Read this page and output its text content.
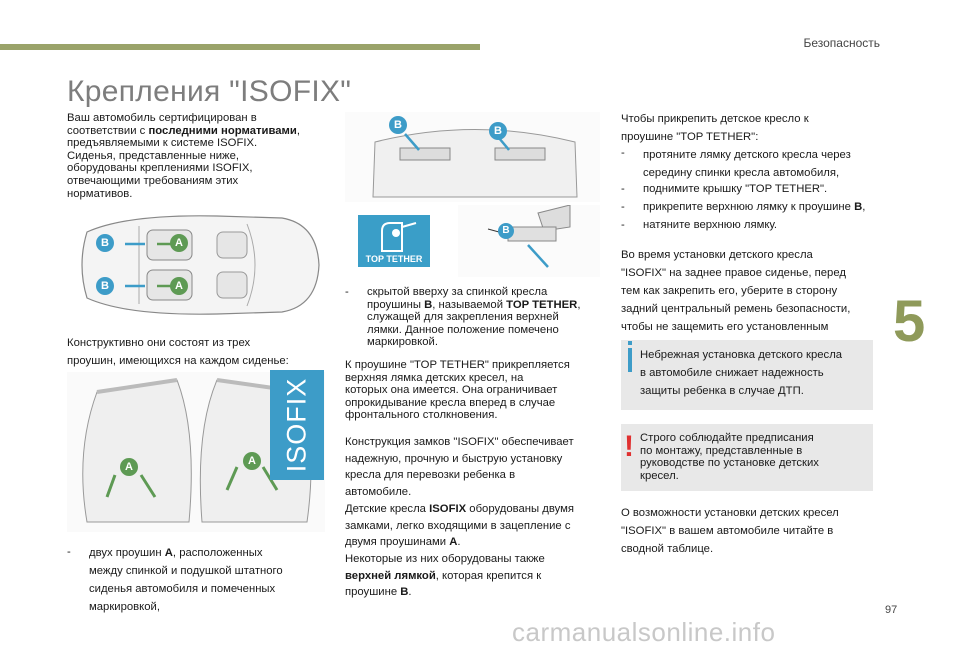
Безопасность
Крепления "ISOFIX"
Ваш автомобиль сертифицирован в
соответствии с последними нормативами,
предъявляемыми к системе ISOFIX.
Сиденья, представленные ниже,
оборудованы креплениями ISOFIX,
отвечающими требованиям этих
нормативов.
B	A
B	A
Конструктивно они состоят из трех
проушин, имеющихся на каждом сиденье:
A	A ISOFIX
- двух проушин A, расположенных
между спинкой и подушкой штатного
сиденья автомобиля и помеченных
маркировкой,
B	B
TOP TETHER
B
- скрытой вверху за спинкой кресла
проушины B, называемой TOP TETHER,
служащей для закрепления верхней
лямки. Данное положение помечено
маркировкой.
К проушине "TOP TETHER" прикрепляется
верхняя лямка детских кресел, на
которых она имеется. Она ограничивает
опрокидывание кресла вперед в случае
фронтального столкновения.
Конструкция замков "ISOFIX" обеспечивает
надежную, прочную и быструю установку
кресла для перевозки ребенка в
автомобиле.
Детские кресла ISOFIX оборудованы двумя
замками, легко входящими в зацепление с
двумя проушинами A.
Некоторые из них оборудованы также
верхней лямкой, которая крепится к
проушине B.
Чтобы прикрепить детское кресло к
проушине "TOP TETHER":
- протяните лямку детского кресла через
середину спинки кресла автомобиля,
- поднимите крышку "TOP TETHER".
- прикрепите верхнюю лямку к проушине B,
- натяните верхнюю лямку.
Во время установки детского кресла
"ISOFIX" на заднее правое сиденье, перед
тем как закрепить его, уберите в сторону
задний центральный ремень безопасности,
чтобы не защемить его установленным
Небрежная установка детского кресла
в автомобиле снижает надежность
защиты ребенка в случае ДТП.
! Строго соблюдайте предписания
по монтажу, представленные в
руководстве по установке детских
кресел.
О возможности установки детских кресел
"ISOFIX" в вашем автомобиле читайте в
сводной таблице.
5
97
carmanualsonline.info
